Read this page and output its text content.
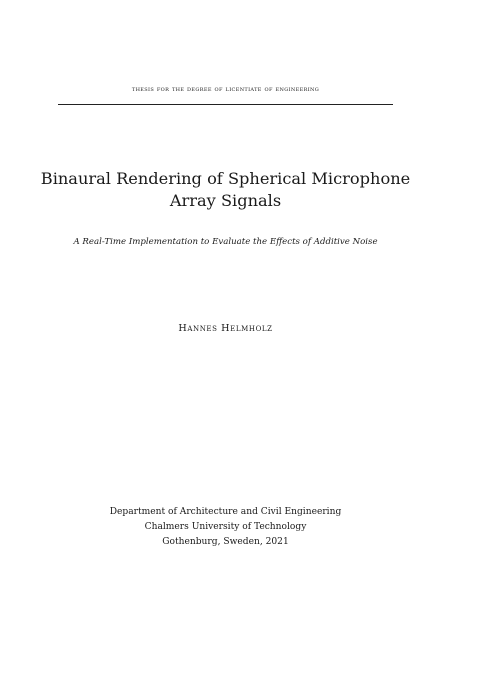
thesis for the degree of licentiate of engineering
Binaural Rendering of Spherical Microphone
Array Signals
A Real-Time Implementation to Evaluate the Effects of Additive Noise
Hannes Helmholz
Department of Architecture and Civil Engineering
Chalmers University of Technology
Gothenburg, Sweden, 2021
